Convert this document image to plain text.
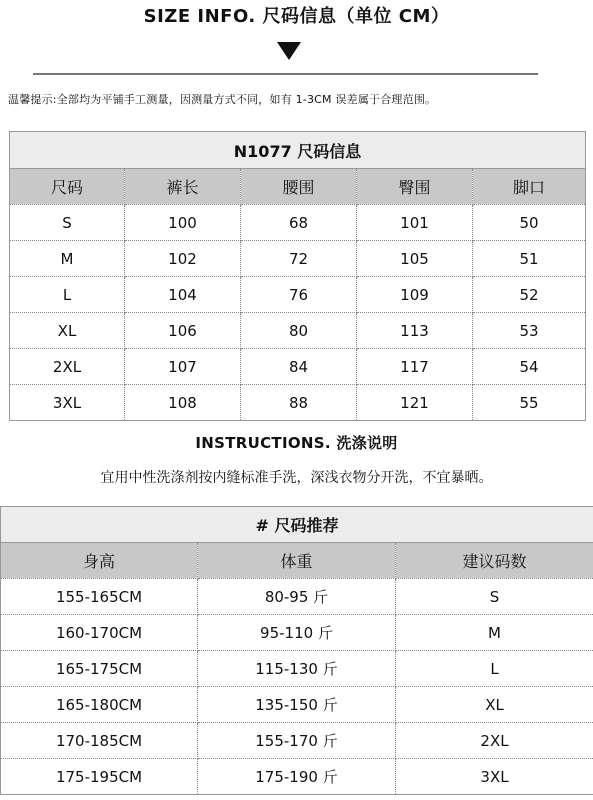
SIZE INFO. 尺码信息（单位 CM）
温馨提示:全部均为平铺手工测量，因测量方式不同，如有 1-3CM 误差属于合理范围。
N1077 尺码信息				
尺码	裤长	腰围	臀围	脚口
S	100	68	101	50
M	102	72	105	51
L	104	76	109	52
XL	106	80	113	53
2XL	107	84	117	54
3XL	108	88	121	55
INSTRUCTIONS. 洗涤说明
宜用中性洗涤剂按内缝标准手洗，深浅衣物分开洗，不宜暴晒。
# 尺码推荐		
身高	体重	建议码数
155-165CM	80-95 斤	S
160-170CM	95-110 斤	M
165-175CM	115-130 斤	L
165-180CM	135-150 斤	XL
170-185CM	155-170 斤	2XL
175-195CM	175-190 斤	3XL
